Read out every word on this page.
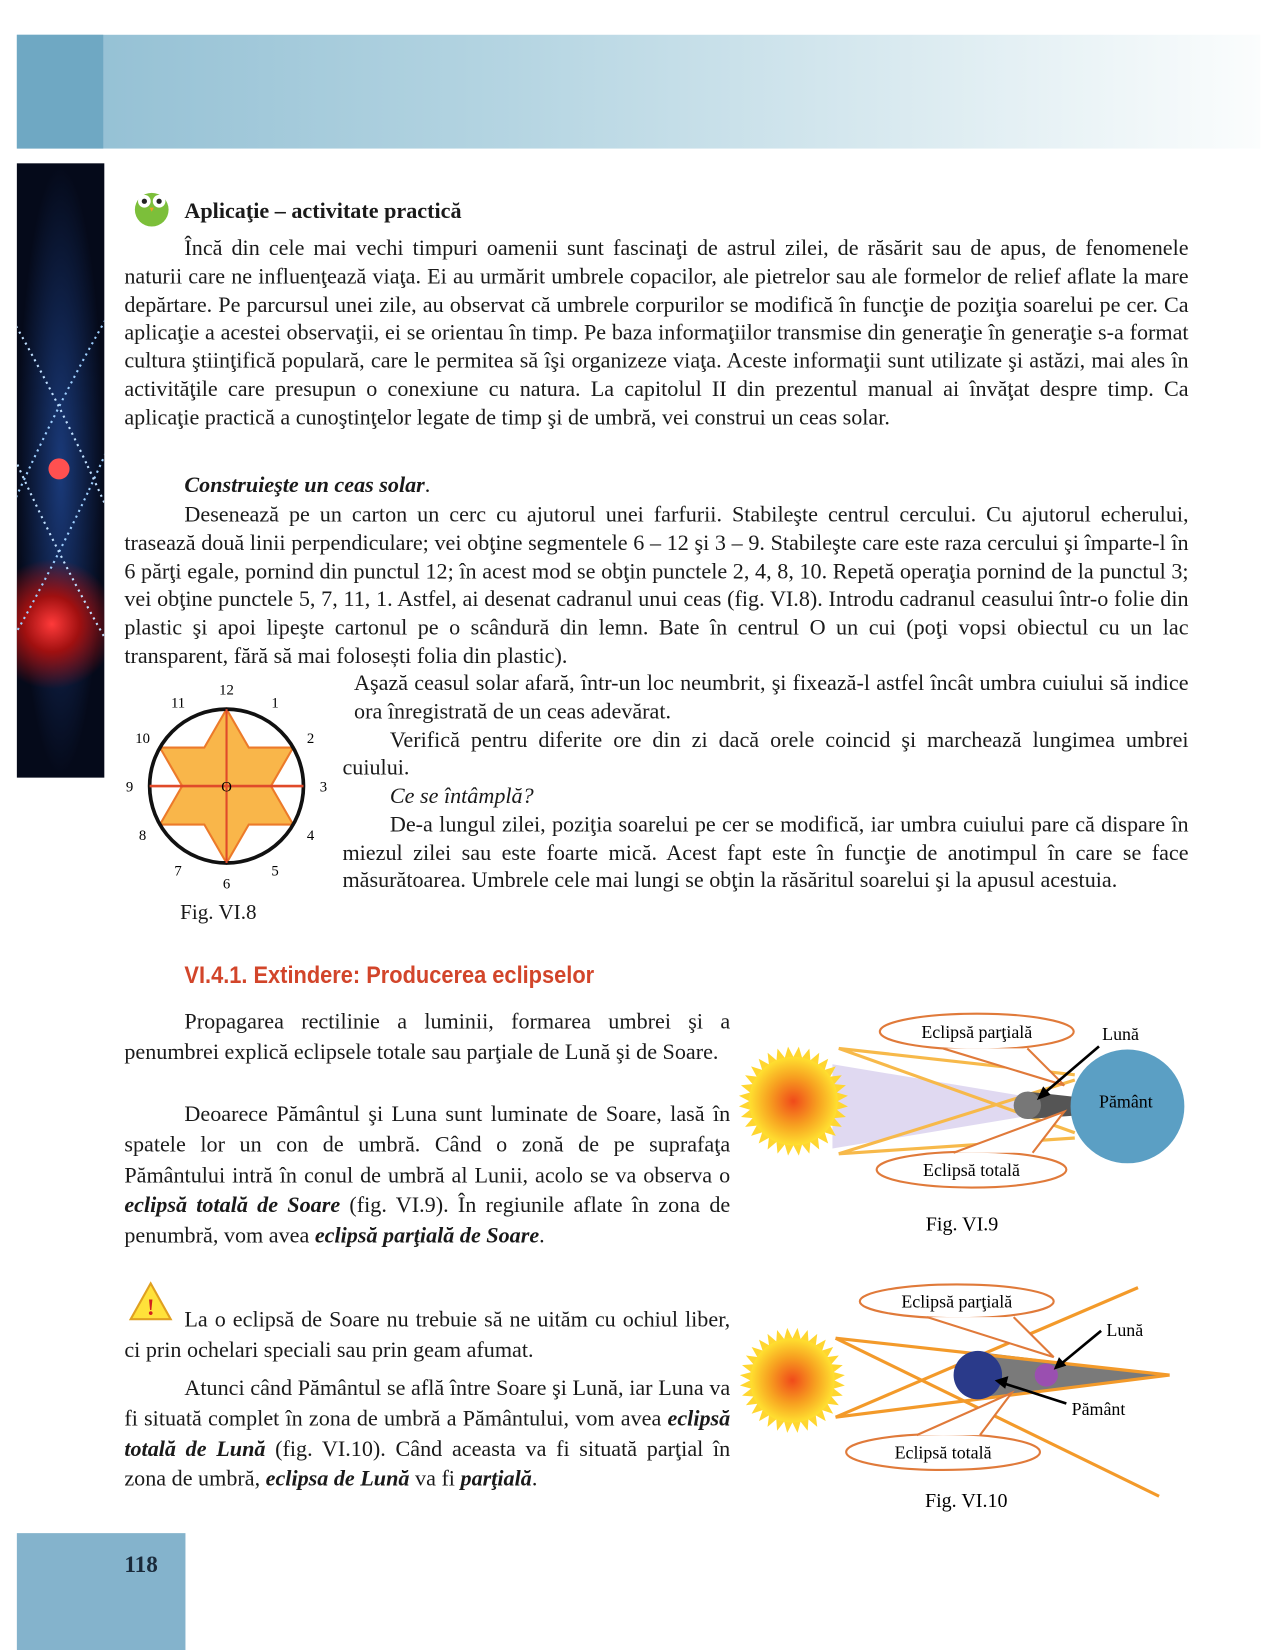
Aplicaţie – activitate practică
Încă din cele mai vechi timpuri oamenii sunt fascinaţi de astrul zilei, de răsărit sau de apus, de fenomenele naturii care ne influenţează viaţa. Ei au urmărit umbrele copacilor, ale pietrelor sau ale formelor de relief aflate la mare depărtare. Pe parcursul unei zile, au observat că umbrele corpurilor se modifică în funcţie de poziţia soarelui pe cer. Ca aplicaţie a acestei observaţii, ei se orientau în timp. Pe baza informaţiilor transmise din generaţie în generaţie s-a format cultura ştiinţifică populară, care le permitea să îşi organizeze viaţa. Aceste informaţii sunt utilizate şi astăzi, mai ales în activităţile care presupun o conexiune cu natura. La capitolul II din prezentul manual ai învăţat despre timp. Ca aplicaţie practică a cunoştinţelor legate de timp şi de umbră, vei construi un ceas solar.
Construieşte un ceas solar.
Desenează pe un carton un cerc cu ajutorul unei farfurii. Stabileşte centrul cercului. Cu ajutorul echerului, trasează două linii perpendiculare; vei obţine segmentele 6 – 12 şi 3 – 9. Stabileşte care este raza cercului şi împarte-l în 6 părţi egale, pornind din punctul 12; în acest mod se obţin punctele 2, 4, 8, 10. Repetă operaţia pornind de la punctul 3; vei obţine punctele 5, 7, 11, 1. Astfel, ai desenat cadranul unui ceas (fig. VI.8). Introdu cadranul ceasului într-o folie din plastic şi apoi lipeşte cartonul pe o scândură din lemn. Bate în centrul O un cui (poţi vopsi obiectul cu un lac transparent, fără să mai folosești folia din plastic).
Aşază ceasul solar afară, într-un loc neumbrit, şi fixează-l astfel încât umbra cuiului să indice ora înregistrată de un ceas adevărat.
Verifică pentru diferite ore din zi dacă orele coincid şi marchează lungimea umbrei cuiului.
Ce se întâmplă?
De-a lungul zilei, poziţia soarelui pe cer se modifică, iar umbra cuiului pare că dispare în miezul zilei sau este foarte mică. Acest fapt este în funcţie de anotimpul în care se face măsurătoarea. Umbrele cele mai lungi se obţin la răsăritul soarelui şi la apusul acestuia.
O
12
1
2
3
4
5
6
7
8
9
10
11
Fig. VI.8
VI.4.1. Extindere: Producerea eclipselor
Propagarea rectilinie a luminii, formarea umbrei şi a penumbrei explică eclipsele totale sau parţiale de Lună şi de Soare.
Deoarece Pământul şi Luna sunt luminate de Soare, lasă în spatele lor un con de umbră. Când o zonă de pe suprafaţa Pământului intră în conul de umbră al Lunii, acolo se va observa o eclipsă totală de Soare (fig. VI.9). În regiunile aflate în zona de penumbră, vom avea eclipsă parţială de Soare.
!	La o eclipsă de Soare nu trebuie să ne uităm cu ochiul liber, ci prin ochelari speciali sau prin geam afumat.
Atunci când Pământul se află între Soare şi Lună, iar Luna va fi situată complet în zona de umbră a Pământului, vom avea eclipsă totală de Lună (fig. VI.10). Când aceasta va fi situată parţial în zona de umbră, eclipsa de Lună va fi parţială.
Eclipsă parţială
Eclipsă totală
Lună
Pământ
Fig. VI.9
Eclipsă parţială
Eclipsă totală
Lună
Pământ
Fig. VI.10
118
